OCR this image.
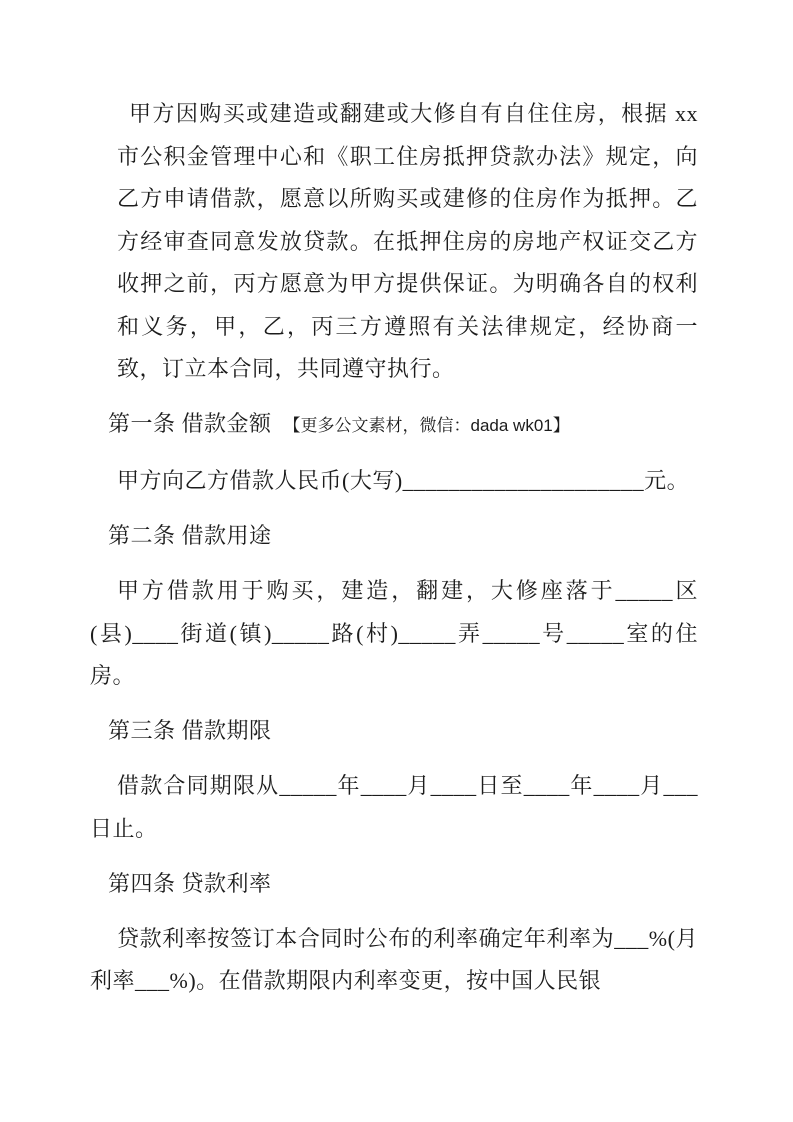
甲方因购买或建造或翻建或大修自有自住住房，根据 xx 市公积金管理中心和《职工住房抵押贷款办法》规定，向乙方申请借款，愿意以所购买或建修的住房作为抵押。乙方经审查同意发放贷款。在抵押住房的房地产权证交乙方收押之前，丙方愿意为甲方提供保证。为明确各自的权利和义务，甲，乙，丙三方遵照有关法律规定，经协商一致，订立本合同，共同遵守执行。

第一条 借款金额 【更多公文素材，微信：dada wk01】

甲方向乙方借款人民币(大写)_____________________元。

第二条 借款用途

甲方借款用于购买，建造，翻建，大修座落于_____区(县)____街道(镇)_____路(村)_____弄_____号_____室的住房。

第三条 借款期限

借款合同期限从_____年____月____日至____年____月___日止。

第四条 贷款利率

贷款利率按签订本合同时公布的利率确定年利率为___%(月利率___%)。在借款期限内利率变更，按中国人民银
